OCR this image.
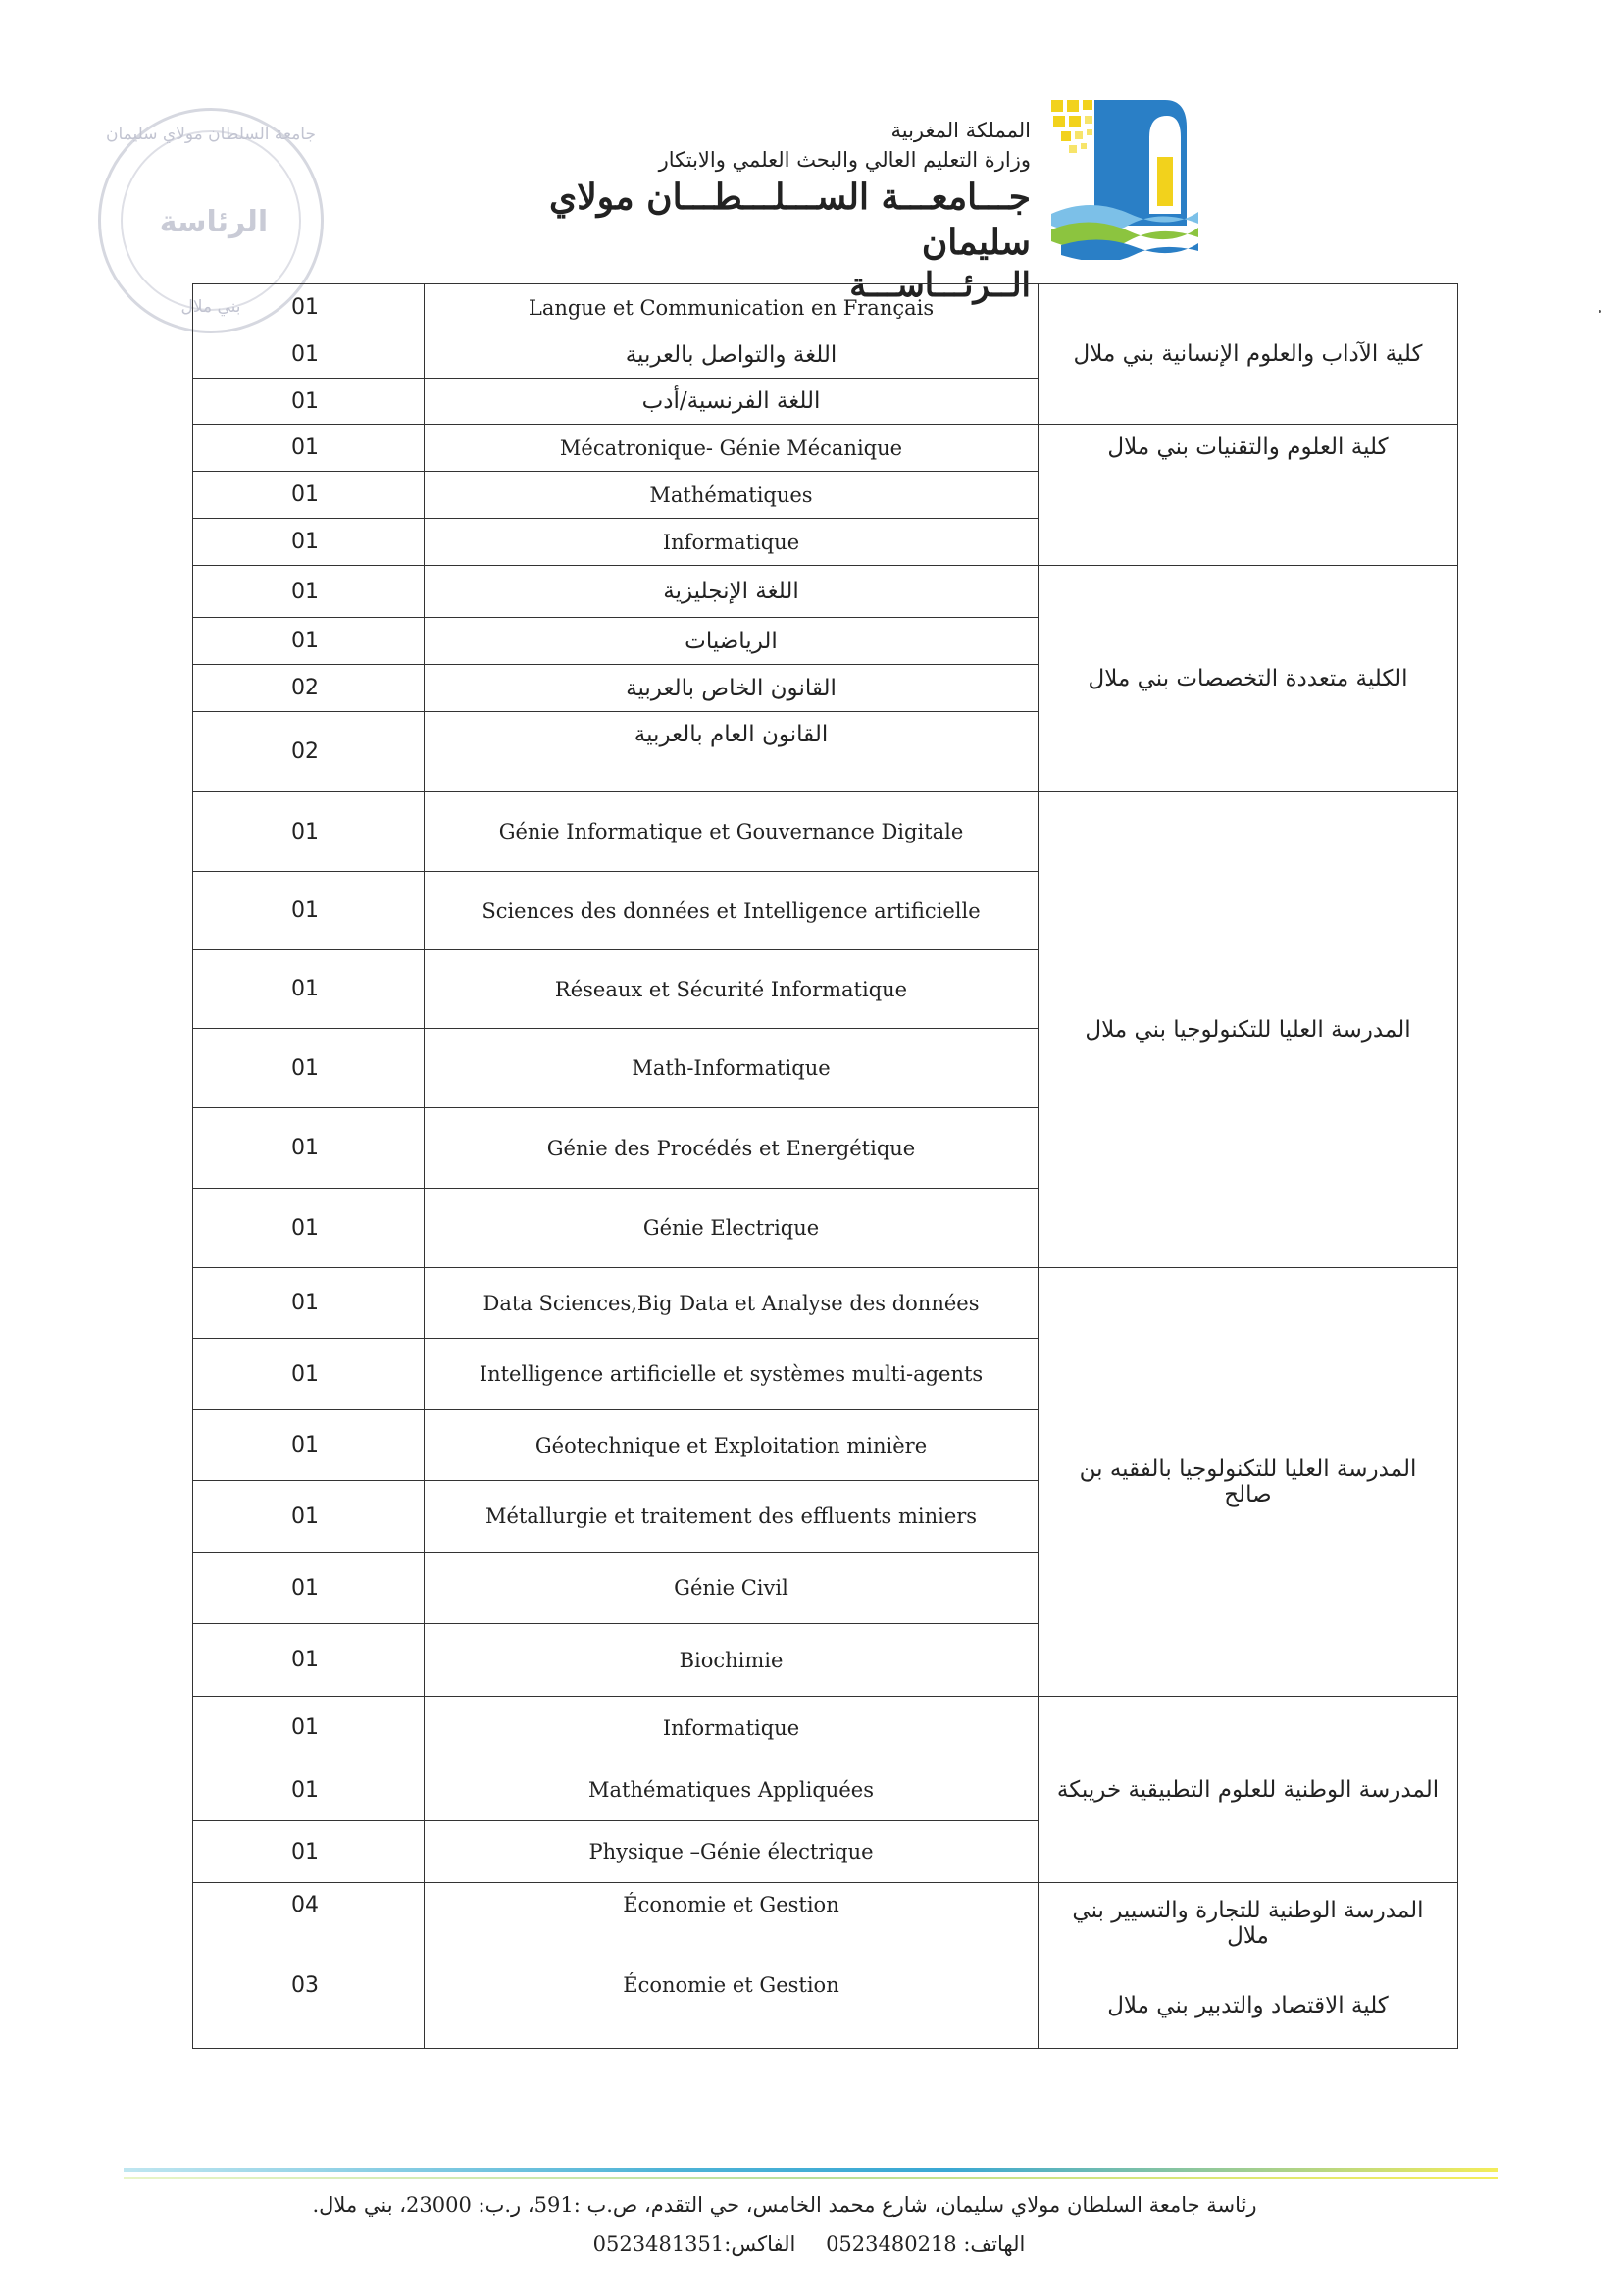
جامعة السلطان مولاي سليمان
الرئاسة
بني ملال
المملكة المغربية
وزارة التعليم العالي والبحث العلمي والابتكار
جـــامعـــة الســـلـــطـــان مولاي سليمان
الــرئـــاســـة
01	Langue et Communication en Français	كلية الآداب والعلوم الإنسانية بني ملال
01	اللغة والتواصل بالعربية	
01	اللغة الفرنسية/أدب	
01	Mécatronique- Génie Mécanique	كلية العلوم والتقنيات بني ملال
01	Mathématiques	
01	Informatique	
01	اللغة الإنجليزية	الكلية متعددة التخصصات بني ملال
01	الرياضيات	
02	القانون الخاص بالعربية	
02	القانون العام بالعربية	
01	Génie Informatique et Gouvernance Digitale	المدرسة العليا للتكنولوجيا بني ملال
01	Sciences des données et Intelligence artificielle	
01	Réseaux et Sécurité Informatique	
01	Math-Informatique	
01	Génie des Procédés et Energétique	
01	Génie Electrique	
01	Data Sciences,Big Data et Analyse des données	المدرسة العليا للتكنولوجيا بالفقيه بن صالح
01	Intelligence artificielle et systèmes multi-agents	
01	Géotechnique et Exploitation minière	
01	Métallurgie et traitement des effluents miniers	
01	Génie Civil	
01	Biochimie	
01	Informatique	المدرسة الوطنية للعلوم التطبيقية خريبكة
01	Mathématiques Appliquées	
01	Physique –Génie électrique	
04	Économie et Gestion	المدرسة الوطنية للتجارة والتسيير بني ملال
03	Économie et Gestion	كلية الاقتصاد والتدبير بني ملال
رئاسة جامعة السلطان مولاي سليمان، شارع محمد الخامس، حي التقدم، ص.ب :591، ر.ب: 23000، بني ملال.
الهاتف: 0523480218 الفاكس:0523481351
